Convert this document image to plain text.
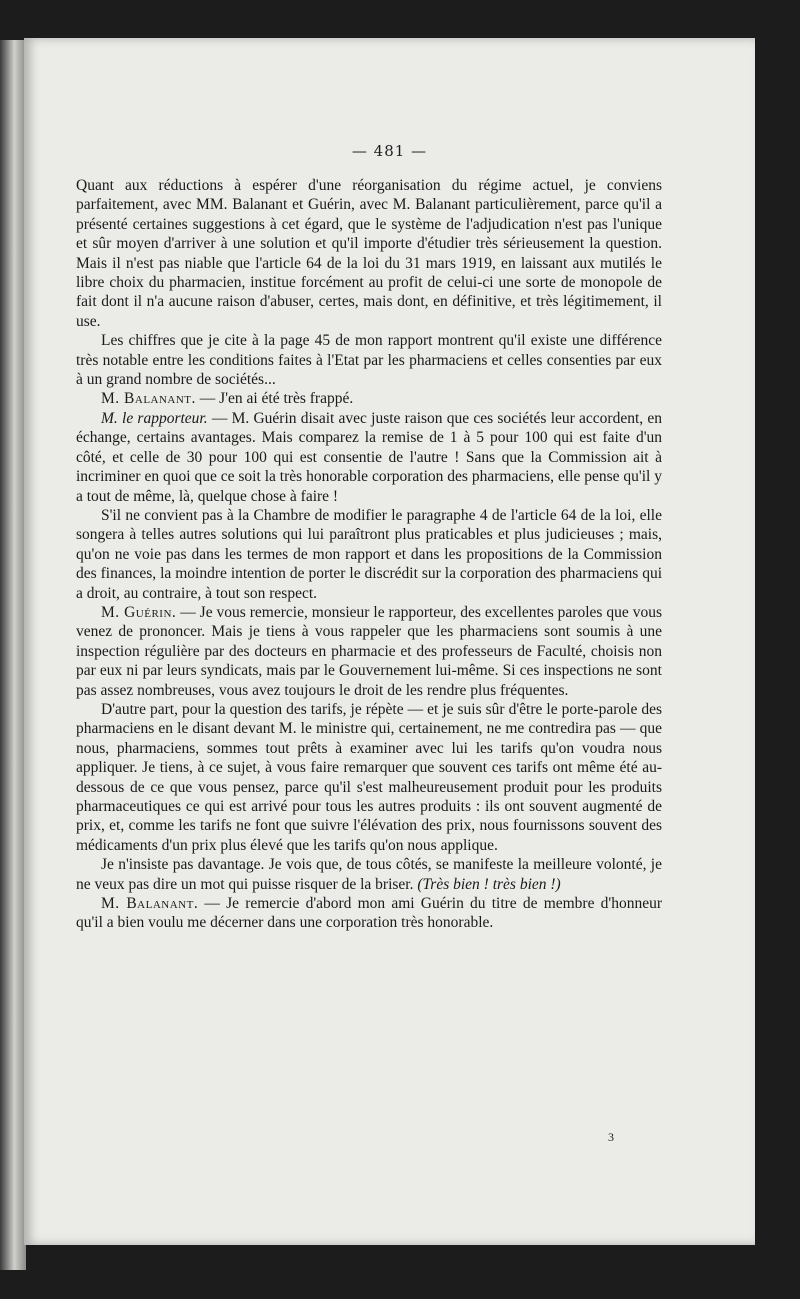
— 481 —

Quant aux réductions à espérer d'une réorganisation du régime actuel, je conviens parfaitement, avec MM. Balanant et Guérin, avec M. Balanant particulièrement, parce qu'il a présenté certaines suggestions à cet égard, que le système de l'adjudication n'est pas l'unique et sûr moyen d'arriver à une solution et qu'il importe d'étudier très sérieusement la question. Mais il n'est pas niable que l'article 64 de la loi du 31 mars 1919, en laissant aux mutilés le libre choix du pharmacien, institue forcément au profit de celui-ci une sorte de monopole de fait dont il n'a aucune raison d'abuser, certes, mais dont, en définitive, et très légitimement, il use.

Les chiffres que je cite à la page 45 de mon rapport montrent qu'il existe une différence très notable entre les conditions faites à l'Etat par les pharmaciens et celles consenties par eux à un grand nombre de sociétés...

M. Balanant. — J'en ai été très frappé.

M. le rapporteur. — M. Guérin disait avec juste raison que ces sociétés leur accordent, en échange, certains avantages. Mais comparez la remise de 1 à 5 pour 100 qui est faite d'un côté, et celle de 30 pour 100 qui est consentie de l'autre ! Sans que la Commission ait à incriminer en quoi que ce soit la très honorable corporation des pharmaciens, elle pense qu'il y a tout de même, là, quelque chose à faire !

S'il ne convient pas à la Chambre de modifier le paragraphe 4 de l'article 64 de la loi, elle songera à telles autres solutions qui lui paraîtront plus praticables et plus judicieuses ; mais, qu'on ne voie pas dans les termes de mon rapport et dans les propositions de la Commission des finances, la moindre intention de porter le discrédit sur la corporation des pharmaciens qui a droit, au contraire, à tout son respect.

M. Guérin. — Je vous remercie, monsieur le rapporteur, des excellentes paroles que vous venez de prononcer. Mais je tiens à vous rappeler que les pharmaciens sont soumis à une inspection régulière par des docteurs en pharmacie et des professeurs de Faculté, choisis non par eux ni par leurs syndicats, mais par le Gouvernement lui-même. Si ces inspections ne sont pas assez nombreuses, vous avez toujours le droit de les rendre plus fréquentes.

D'autre part, pour la question des tarifs, je répète — et je suis sûr d'être le porte-parole des pharmaciens en le disant devant M. le ministre qui, certainement, ne me contredira pas — que nous, pharmaciens, sommes tout prêts à examiner avec lui les tarifs qu'on voudra nous appliquer. Je tiens, à ce sujet, à vous faire remarquer que souvent ces tarifs ont même été au-dessous de ce que vous pensez, parce qu'il s'est malheureusement produit pour les produits pharmaceutiques ce qui est arrivé pour tous les autres produits : ils ont souvent augmenté de prix, et, comme les tarifs ne font que suivre l'élévation des prix, nous fournissons souvent des médicaments d'un prix plus élevé que les tarifs qu'on nous applique.

Je n'insiste pas davantage. Je vois que, de tous côtés, se manifeste la meilleure volonté, je ne veux pas dire un mot qui puisse risquer de la briser. (Très bien ! très bien !)

M. Balanant. — Je remercie d'abord mon ami Guérin du titre de membre d'honneur qu'il a bien voulu me décerner dans une corporation très honorable.

3
